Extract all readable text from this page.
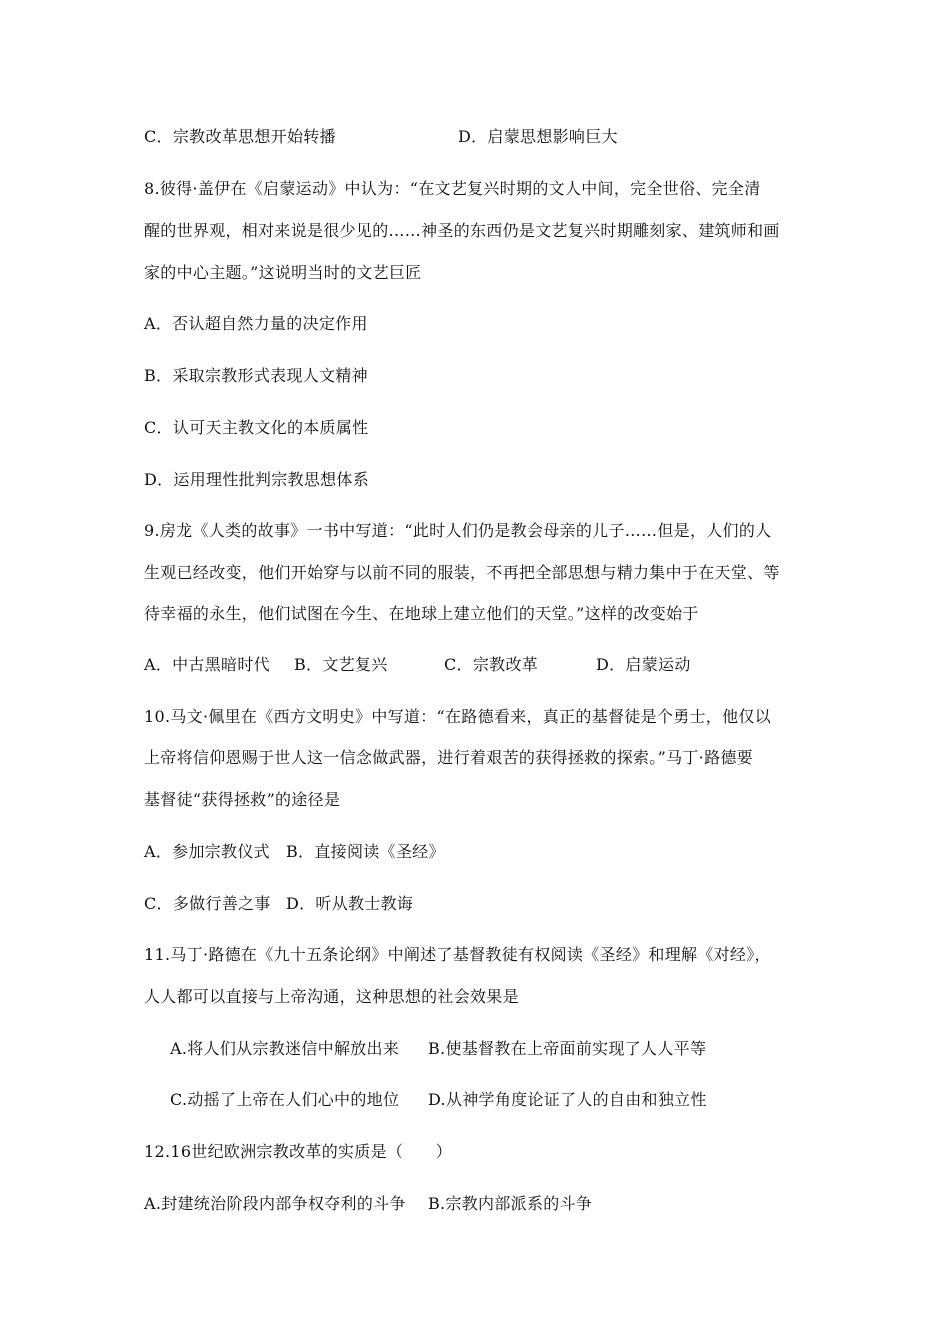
C．宗教改革思想开始转播	D．启蒙思想影响巨大
8.彼得·盖伊在《启蒙运动》中认为：“在文艺复兴时期的文人中间，完全世俗、完全清
醒的世界观，相对来说是很少见的……神圣的东西仍是文艺复兴时期雕刻家、建筑师和画
家的中心主题。”这说明当时的文艺巨匠
A．否认超自然力量的决定作用
B．采取宗教形式表现人文精神
C．认可天主教文化的本质属性
D．运用理性批判宗教思想体系
9.房龙《人类的故事》一书中写道：“此时人们仍是教会母亲的儿子……但是，人们的人
生观已经改变，他们开始穿与以前不同的服装，不再把全部思想与精力集中于在天堂、等
待幸福的永生，他们试图在今生、在地球上建立他们的天堂。”这样的改变始于
A．中古黑暗时代 B．文艺复兴	C．宗教改革	D．启蒙运动
10.马文·佩里在《西方文明史》中写道：“在路德看来，真正的基督徒是个勇士，他仅以
上帝将信仰恩赐于世人这一信念做武器，进行着艰苦的获得拯救的探索。”马丁·路德要
基督徒“获得拯救”的途径是
A．参加宗教仪式 B．直接阅读《圣经》
C．多做行善之事 D．听从教士教诲
11.马丁·路德在《九十五条论纲》中阐述了基督教徒有权阅读《圣经》和理解《对经》，
人人都可以直接与上帝沟通，这种思想的社会效果是
A.将人们从宗教迷信中解放出来 B.使基督教在上帝面前实现了人人平等
C.动摇了上帝在人们心中的地位 D.从神学角度论证了人的自由和独立性
12.16世纪欧洲宗教改革的实质是（　　）
A.封建统治阶段内部争权夺利的斗争 B.宗教内部派系的斗争
